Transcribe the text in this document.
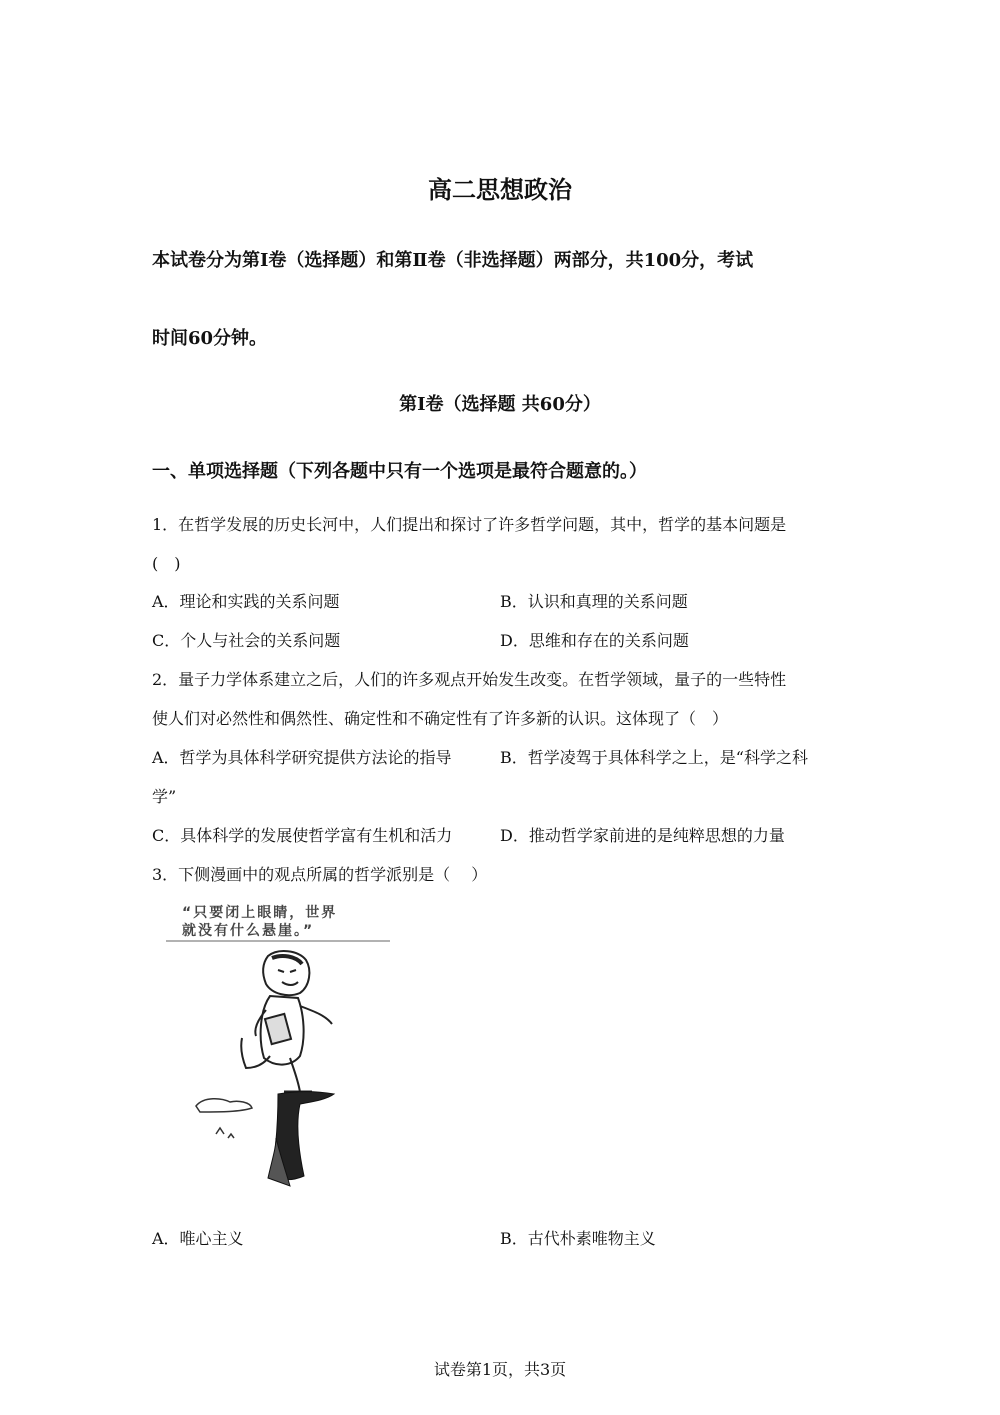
高二思想政治
本试卷分为第Ⅰ卷（选择题）和第Ⅱ卷（非选择题）两部分，共100分，考试
时间60分钟。
第Ⅰ卷（选择题 共60分）
一、单项选择题（下列各题中只有一个选项是最符合题意的。）
1．在哲学发展的历史长河中，人们提出和探讨了许多哲学问题，其中，哲学的基本问题是
(　)
A．理论和实践的关系问题	B．认识和真理的关系问题
C．个人与社会的关系问题	D．思维和存在的关系问题
2．量子力学体系建立之后，人们的许多观点开始发生改变。在哲学领域，量子的一些特性
使人们对必然性和偶然性、确定性和不确定性有了许多新的认识。这体现了（　）
A．哲学为具体科学研究提供方法论的指导	B．哲学凌驾于具体科学之上，是“科学之科
学”
C．具体科学的发展使哲学富有生机和活力	D．推动哲学家前进的是纯粹思想的力量
3．下侧漫画中的观点所属的哲学派别是（　 ）
“只要闭上眼睛，世界
就没有什么悬崖。”
A．唯心主义	B．古代朴素唯物主义
试卷第1页，共3页
